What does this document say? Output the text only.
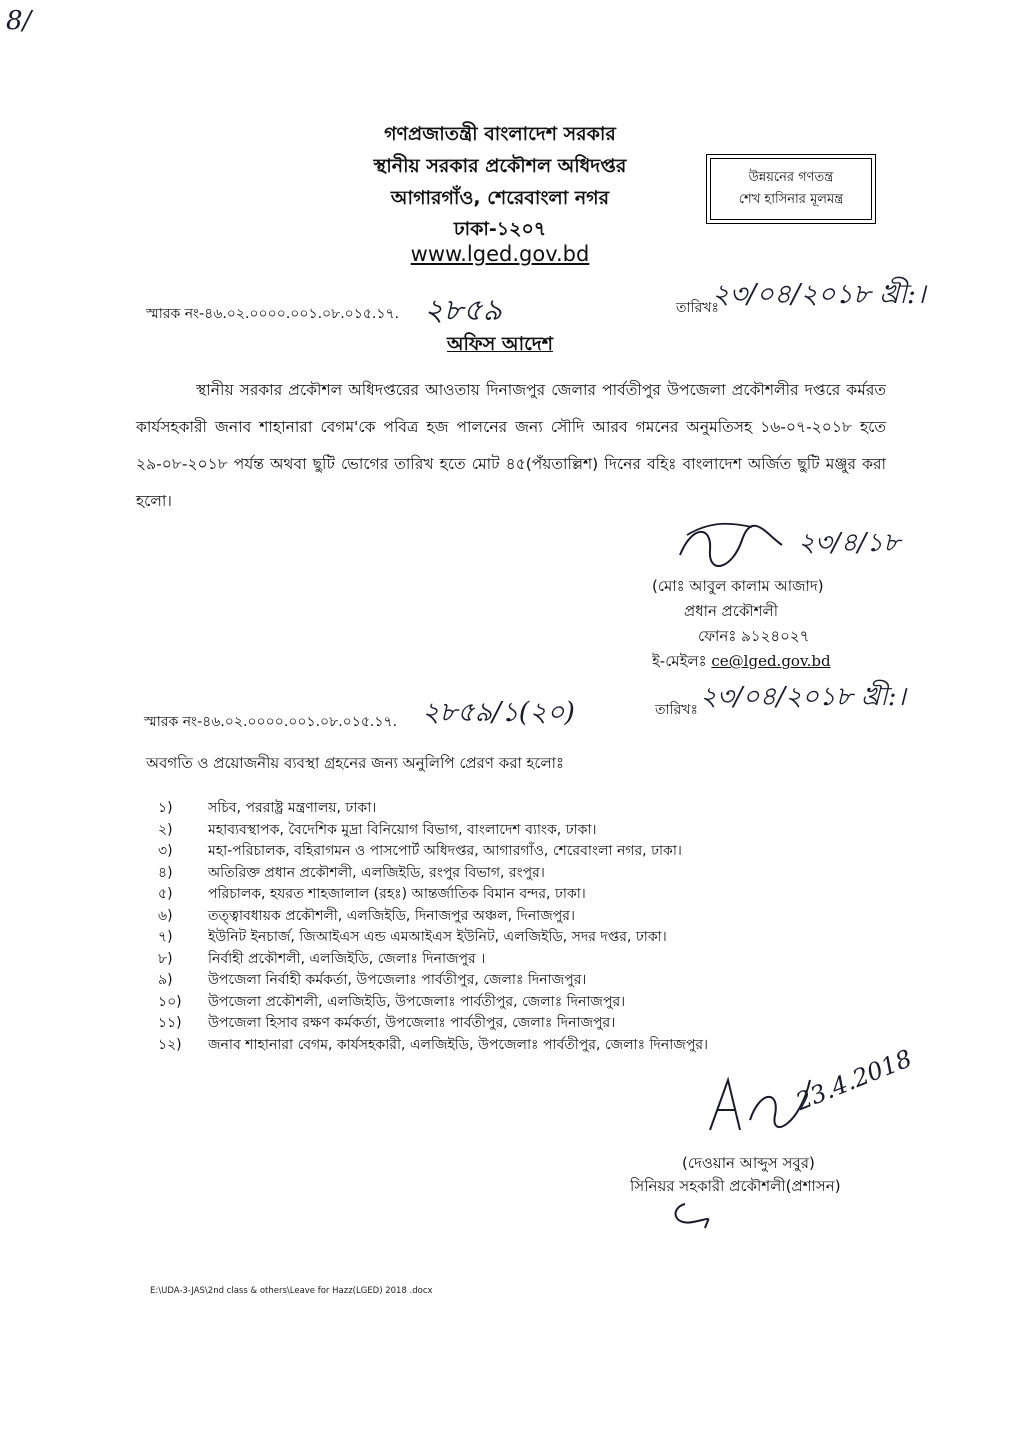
8/
গণপ্রজাতন্ত্রী বাংলাদেশ সরকার
স্থানীয় সরকার প্রকৌশল অধিদপ্তর
আগারগাঁও, শেরেবাংলা নগর
ঢাকা-১২০৭
www.lged.gov.bd
উন্নয়নের গণতন্ত্র
শেখ হাসিনার মূলমন্ত্র
স্মারক নং-৪৬.০২.০০০০.০০১.০৮.০১৫.১৭. ২৮৫৯	তারিখঃ
২৩/০৪/২০১৮ খ্রী:।
অফিস আদেশ
স্থানীয় সরকার প্রকৌশল অধিদপ্তরের আওতায় দিনাজপুর জেলার পার্বতীপুর উপজেলা প্রকৌশলীর দপ্তরে কর্মরত কার্যসহকারী জনাব শাহানারা বেগম'কে পবিত্র হজ পালনের জন্য সৌদি আরব গমনের অনুমতিসহ ১৬-০৭-২০১৮ হতে ২৯-০৮-২০১৮ পর্যন্ত অথবা ছুটি ভোগের তারিখ হতে মোট ৪৫(পঁয়তাল্লিশ) দিনের বহিঃ বাংলাদেশ অর্জিত ছুটি মঞ্জুর করা হলো।
২৩/৪/১৮
(মোঃ আবুল কালাম আজাদ)
প্রধান প্রকৌশলী
ফোনঃ ৯১২৪০২৭
ই-মেইলঃ ce@lged.gov.bd
স্মারক নং-৪৬.০২.০০০০.০০১.০৮.০১৫.১৭. ২৮৫৯/১(২০)	তারিখঃ ২৩/০৪/২০১৮ খ্রী:।
অবগতি ও প্রয়োজনীয় ব্যবস্থা গ্রহনের জন্য অনুলিপি প্রেরণ করা হলোঃ
১)	সচিব, পররাষ্ট্র মন্ত্রণালয়, ঢাকা।
২)	মহাব্যবস্থাপক, বৈদেশিক মুদ্রা বিনিয়োগ বিভাগ, বাংলাদেশ ব্যাংক, ঢাকা।
৩)	মহা-পরিচালক, বহিরাগমন ও পাসপোর্ট অধিদপ্তর, আগারগাঁও, শেরেবাংলা নগর, ঢাকা।
৪)	অতিরিক্ত প্রধান প্রকৌশলী, এলজিইডি, রংপুর বিভাগ, রংপুর।
৫)	পরিচালক, হযরত শাহজালাল (রহঃ) আন্তর্জাতিক বিমান বন্দর, ঢাকা।
৬)	তত্ত্বাবধায়ক প্রকৌশলী, এলজিইডি, দিনাজপুর অঞ্চল, দিনাজপুর।
৭)	ইউনিট ইনচার্জ, জিআইএস এন্ড এমআইএস ইউনিট, এলজিইডি, সদর দপ্তর, ঢাকা।
৮)	নির্বাহী প্রকৌশলী, এলজিইডি, জেলাঃ দিনাজপুর ।
৯)	উপজেলা নির্বাহী কর্মকর্তা, উপজেলাঃ পার্বতীপুর, জেলাঃ দিনাজপুর।
১০)	উপজেলা প্রকৌশলী, এলজিইডি, উপজেলাঃ পার্বতীপুর, জেলাঃ দিনাজপুর।
১১)	উপজেলা হিসাব রক্ষণ কর্মকর্তা, উপজেলাঃ পার্বতীপুর, জেলাঃ দিনাজপুর।
১২)	জনাব শাহানারা বেগম, কার্যসহকারী, এলজিইডি, উপজেলাঃ পার্বতীপুর, জেলাঃ দিনাজপুর।	23.4.2018
(দেওয়ান আব্দুস সবুর)
সিনিয়র সহকারী প্রকৌশলী(প্রশাসন)
E:\UDA-3-JAS\2nd class & others\Leave for Hazz(LGED) 2018 .docx
